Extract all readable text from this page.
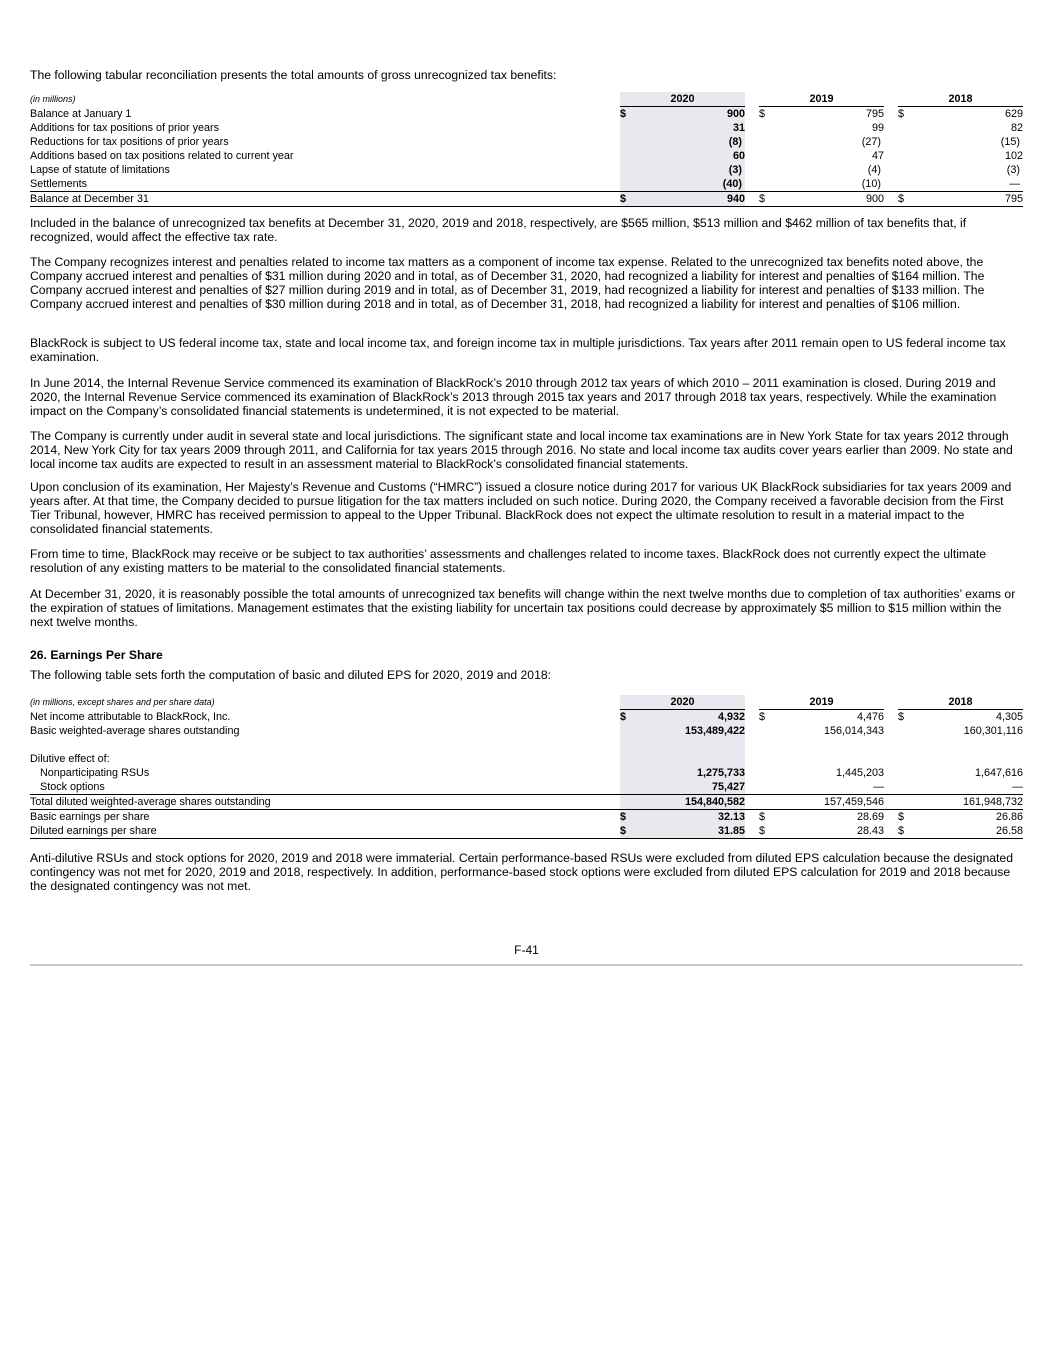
The following tabular reconciliation presents the total amounts of gross unrecognized tax benefits:

(in millions)	2020			2019			2018	
Balance at January 1	$	900		$	795		$	629
Additions for tax positions of prior years		31			99			82
Reductions for tax positions of prior years		(8)			(27)			(15)
Additions based on tax positions related to current year		60			47			102
Lapse of statute of limitations		(3)			(4)			(3)
Settlements		(40)			(10)			—
Balance at December 31	$	940		$	900		$	795

Included in the balance of unrecognized tax benefits at December 31, 2020, 2019 and 2018, respectively, are $565 million, $513 million and $462 million of tax benefits that, if recognized, would affect the effective tax rate.

The Company recognizes interest and penalties related to income tax matters as a component of income tax expense. Related to the unrecognized tax benefits noted above, the Company accrued interest and penalties of $31 million during 2020 and in total, as of December 31, 2020, had recognized a liability for interest and penalties of $164 million. The Company accrued interest and penalties of $27 million during 2019 and in total, as of December 31, 2019, had recognized a liability for interest and penalties of $133 million. The Company accrued interest and penalties of $30 million during 2018 and in total, as of December 31, 2018, had recognized a liability for interest and penalties of $106 million.

BlackRock is subject to US federal income tax, state and local income tax, and foreign income tax in multiple jurisdictions. Tax years after 2011 remain open to US federal income tax examination.

In June 2014, the Internal Revenue Service commenced its examination of BlackRock’s 2010 through 2012 tax years of which 2010 – 2011 examination is closed. During 2019 and 2020, the Internal Revenue Service commenced its examination of BlackRock’s 2013 through 2015 tax years and 2017 through 2018 tax years, respectively. While the examination impact on the Company’s consolidated financial statements is undetermined, it is not expected to be material.

The Company is currently under audit in several state and local jurisdictions. The significant state and local income tax examinations are in New York State for tax years 2012 through 2014, New York City for tax years 2009 through 2011, and California for tax years 2015 through 2016. No state and local income tax audits cover years earlier than 2009. No state and local income tax audits are expected to result in an assessment material to BlackRock’s consolidated financial statements.

Upon conclusion of its examination, Her Majesty’s Revenue and Customs (“HMRC”) issued a closure notice during 2017 for various UK BlackRock subsidiaries for tax years 2009 and years after. At that time, the Company decided to pursue litigation for the tax matters included on such notice. During 2020, the Company received a favorable decision from the First Tier Tribunal, however, HMRC has received permission to appeal to the Upper Tribunal. BlackRock does not expect the ultimate resolution to result in a material impact to the consolidated financial statements.

From time to time, BlackRock may receive or be subject to tax authorities’ assessments and challenges related to income taxes. BlackRock does not currently expect the ultimate resolution of any existing matters to be material to the consolidated financial statements.

At December 31, 2020, it is reasonably possible the total amounts of unrecognized tax benefits will change within the next twelve months due to completion of tax authorities’ exams or the expiration of statues of limitations. Management estimates that the existing liability for uncertain tax positions could decrease by approximately $5 million to $15 million within the next twelve months.

26. Earnings Per Share

The following table sets forth the computation of basic and diluted EPS for 2020, 2019 and 2018:

(in millions, except shares and per share data)	2020			2019			2018	
Net income attributable to BlackRock, Inc.	$	4,932		$	4,476		$	4,305
Basic weighted-average shares outstanding		153,489,422			156,014,343			160,301,116

Dilutive effect of:								
Nonparticipating RSUs		1,275,733			1,445,203			1,647,616
Stock options		75,427			—			—
Total diluted weighted-average shares outstanding		154,840,582			157,459,546			161,948,732
Basic earnings per share	$	32.13		$	28.69		$	26.86
Diluted earnings per share	$	31.85		$	28.43		$	26.58

Anti-dilutive RSUs and stock options for 2020, 2019 and 2018 were immaterial. Certain performance-based RSUs were excluded from diluted EPS calculation because the designated contingency was not met for 2020, 2019 and 2018, respectively. In addition, performance-based stock options were excluded from diluted EPS calculation for 2019 and 2018 because the designated contingency was not met.

F-41
